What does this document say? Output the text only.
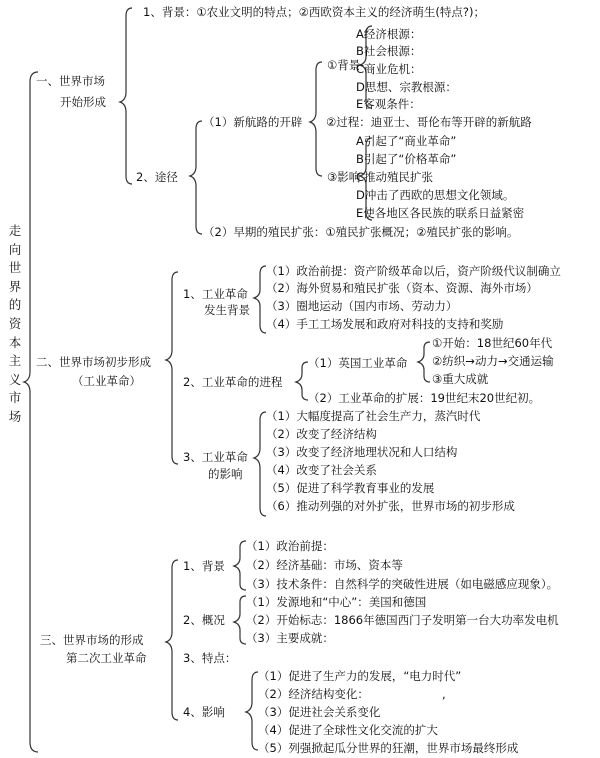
走向世界的资本主义市场
一、世界市场
开始形成
1、背景：①农业文明的特点；②西欧资本主义的经济萌生(特点?)；
A经济根源：
B社会根源：
C商业危机：
D思想、宗教根源：
E客观条件：
①背景
（1）新航路的开辟 ②过程：迪亚士、哥伦布等开辟的新航路
2、途径
A引起了“商业革命”
B引起了“价格革命”
C推动殖民扩张
D冲击了西欧的思想文化领域。
E使各地区各民族的联系日益紧密
③影响
（2）早期的殖民扩张：①殖民扩张概况；②殖民扩张的影响。
二、世界市场初步形成
（工业革命）
1、工业革命
发生背景
（1）政治前提：资产阶级革命以后，资产阶级代议制确立
（2）海外贸易和殖民扩张（资本、资源、海外市场）
（3）圈地运动（国内市场、劳动力）
（4）手工工场发展和政府对科技的支持和奖励
2、工业革命的进程
（1）英国工业革命
①开始：18世纪60年代
②纺织→动力→交通运输
③重大成就
（2）工业革命的扩展：19世纪末20世纪初。
3、工业革命
的影响
（1）大幅度提高了社会生产力，蒸汽时代
（2）改变了经济结构
（3）改变了经济地理状况和人口结构
（4）改变了社会关系
（5）促进了科学教育事业的发展
（6）推动列强的对外扩张，世界市场的初步形成
三、世界市场的形成
第二次工业革命
1、背景
（1）政治前提：
（2）经济基础：市场、资本等
（3）技术条件：自然科学的突破性进展（如电磁感应现象）。
2、概况
（1）发源地和“中心”：美国和德国
（2）开始标志：1866年德国西门子发明第一台大功率发电机
（3）主要成就：
3、特点：
4、影响
（1）促进了生产力的发展，“电力时代”
（2）经济结构变化：	,
（3）促进社会关系变化
（4）促进了全球性文化交流的扩大
（5）列强掀起瓜分世界的狂潮，世界市场最终形成
